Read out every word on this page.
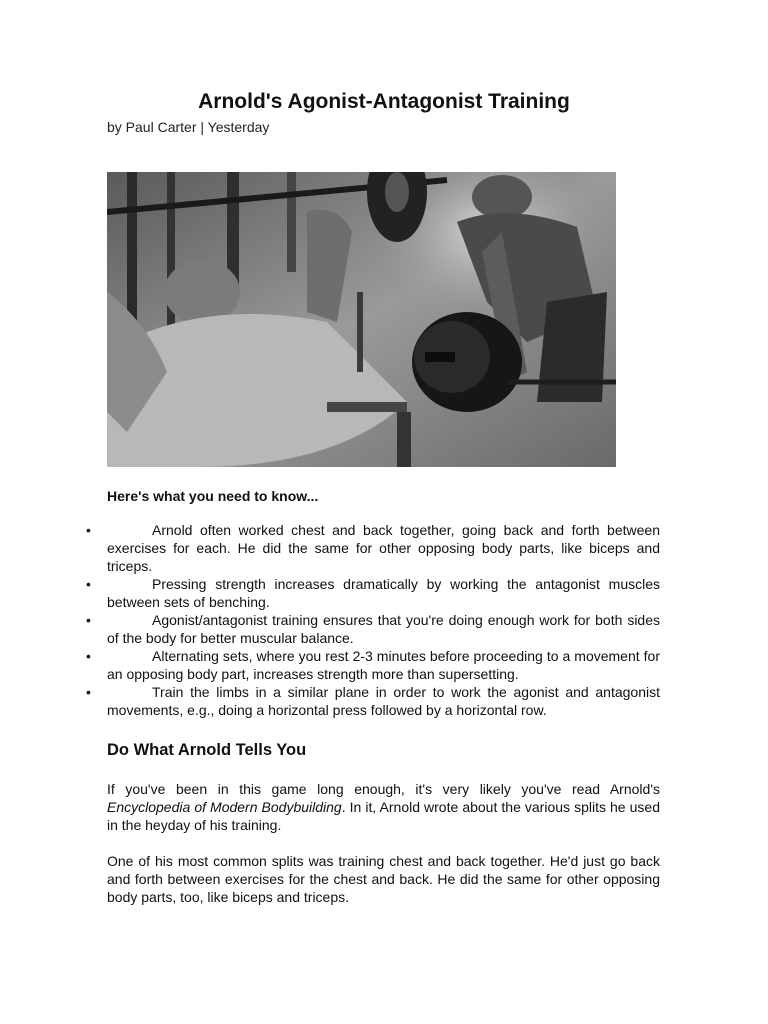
Arnold's Agonist-Antagonist Training
by Paul Carter | Yesterday
Here's what you need to know...
• Arnold often worked chest and back together, going back and forth between exercises for each. He did the same for other opposing body parts, like biceps and triceps.
• Pressing strength increases dramatically by working the antagonist muscles between sets of benching.
• Agonist/antagonist training ensures that you're doing enough work for both sides of the body for better muscular balance.
• Alternating sets, where you rest 2-3 minutes before proceeding to a movement for an opposing body part, increases strength more than supersetting.
• Train the limbs in a similar plane in order to work the agonist and antagonist movements, e.g., doing a horizontal press followed by a horizontal row.
Do What Arnold Tells You

If you've been in this game long enough, it's very likely you've read Arnold's Encyclopedia of Modern Bodybuilding. In it, Arnold wrote about the various splits he used in the heyday of his training.

One of his most common splits was training chest and back together. He'd just go back and forth between exercises for the chest and back. He did the same for other opposing body parts, too, like biceps and triceps.
